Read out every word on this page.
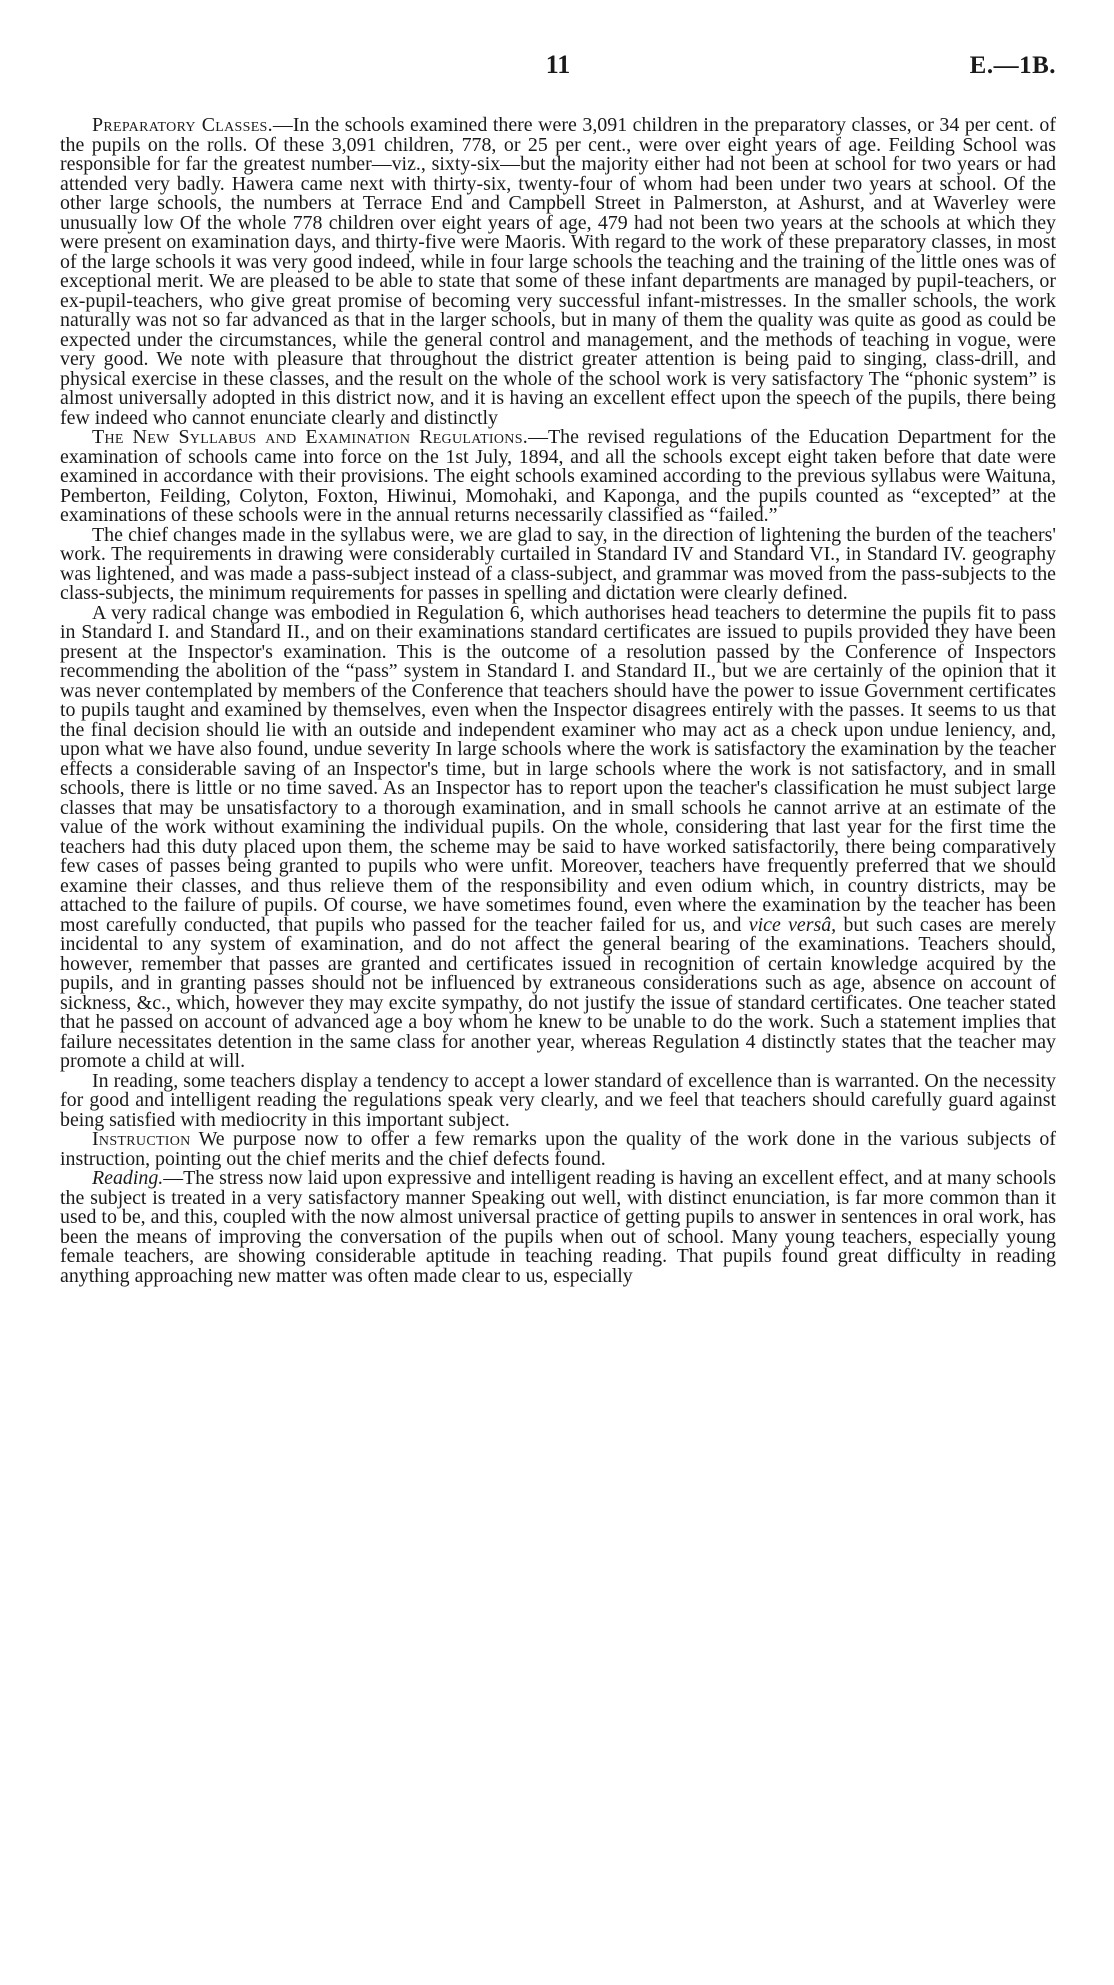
11	E.—1B.

Preparatory Classes.—In the schools examined there were 3,091 children in the preparatory classes, or 34 per cent. of the pupils on the rolls. Of these 3,091 children, 778, or 25 per cent., were over eight years of age. Feilding School was responsible for far the greatest number—viz., sixty-six—but the majority either had not been at school for two years or had attended very badly. Hawera came next with thirty-six, twenty-four of whom had been under two years at school. Of the other large schools, the numbers at Terrace End and Campbell Street in Palmerston, at Ashurst, and at Waverley were unusually low Of the whole 778 children over eight years of age, 479 had not been two years at the schools at which they were present on examination days, and thirty-five were Maoris. With regard to the work of these preparatory classes, in most of the large schools it was very good indeed, while in four large schools the teaching and the training of the little ones was of exceptional merit. We are pleased to be able to state that some of these infant departments are managed by pupil-teachers, or ex-pupil-teachers, who give great promise of becoming very successful infant-mistresses. In the smaller schools, the work naturally was not so far advanced as that in the larger schools, but in many of them the quality was quite as good as could be expected under the circumstances, while the general control and management, and the methods of teaching in vogue, were very good. We note with pleasure that throughout the district greater attention is being paid to singing, class-drill, and physical exercise in these classes, and the result on the whole of the school work is very satisfactory The “phonic system” is almost universally adopted in this district now, and it is having an excellent effect upon the speech of the pupils, there being few indeed who cannot enunciate clearly and distinctly

The New Syllabus and Examination Regulations.—The revised regulations of the Education Department for the examination of schools came into force on the 1st July, 1894, and all the schools except eight taken before that date were examined in accordance with their provisions. The eight schools examined according to the previous syllabus were Waituna, Pemberton, Feilding, Colyton, Foxton, Hiwinui, Momohaki, and Kaponga, and the pupils counted as “excepted” at the examinations of these schools were in the annual returns necessarily classified as “failed.”

The chief changes made in the syllabus were, we are glad to say, in the direction of lightening the burden of the teachers' work. The requirements in drawing were considerably curtailed in Standard IV and Standard VI., in Standard IV. geography was lightened, and was made a pass-subject instead of a class-subject, and grammar was moved from the pass-subjects to the class-subjects, the minimum requirements for passes in spelling and dictation were clearly defined.

A very radical change was embodied in Regulation 6, which authorises head teachers to determine the pupils fit to pass in Standard I. and Standard II., and on their examinations standard certificates are issued to pupils provided they have been present at the Inspector's examination. This is the outcome of a resolution passed by the Conference of Inspectors recommending the abolition of the “pass” system in Standard I. and Standard II., but we are certainly of the opinion that it was never contemplated by members of the Conference that teachers should have the power to issue Government certificates to pupils taught and examined by themselves, even when the Inspector disagrees entirely with the passes. It seems to us that the final decision should lie with an outside and independent examiner who may act as a check upon undue leniency, and, upon what we have also found, undue severity In large schools where the work is satisfactory the examination by the teacher effects a considerable saving of an Inspector's time, but in large schools where the work is not satisfactory, and in small schools, there is little or no time saved. As an Inspector has to report upon the teacher's classification he must subject large classes that may be unsatisfactory to a thorough examination, and in small schools he cannot arrive at an estimate of the value of the work without examining the individual pupils. On the whole, considering that last year for the first time the teachers had this duty placed upon them, the scheme may be said to have worked satisfactorily, there being comparatively few cases of passes being granted to pupils who were unfit. Moreover, teachers have frequently preferred that we should examine their classes, and thus relieve them of the responsibility and even odium which, in country districts, may be attached to the failure of pupils. Of course, we have sometimes found, even where the examination by the teacher has been most carefully conducted, that pupils who passed for the teacher failed for us, and vice versâ, but such cases are merely incidental to any system of examination, and do not affect the general bearing of the examinations. Teachers should, however, remember that passes are granted and certificates issued in recognition of certain knowledge acquired by the pupils, and in granting passes should not be influenced by extraneous considerations such as age, absence on account of sickness, &c., which, however they may excite sympathy, do not justify the issue of standard certificates. One teacher stated that he passed on account of advanced age a boy whom he knew to be unable to do the work. Such a statement implies that failure necessitates detention in the same class for another year, whereas Regulation 4 distinctly states that the teacher may promote a child at will.

In reading, some teachers display a tendency to accept a lower standard of excellence than is warranted. On the necessity for good and intelligent reading the regulations speak very clearly, and we feel that teachers should carefully guard against being satisfied with mediocrity in this important subject.

Instruction We purpose now to offer a few remarks upon the quality of the work done in the various subjects of instruction, pointing out the chief merits and the chief defects found.

Reading.—The stress now laid upon expressive and intelligent reading is having an excellent effect, and at many schools the subject is treated in a very satisfactory manner Speaking out well, with distinct enunciation, is far more common than it used to be, and this, coupled with the now almost universal practice of getting pupils to answer in sentences in oral work, has been the means of improving the conversation of the pupils when out of school. Many young teachers, especially young female teachers, are showing considerable aptitude in teaching reading. That pupils found great difficulty in reading anything approaching new matter was often made clear to us, especially
